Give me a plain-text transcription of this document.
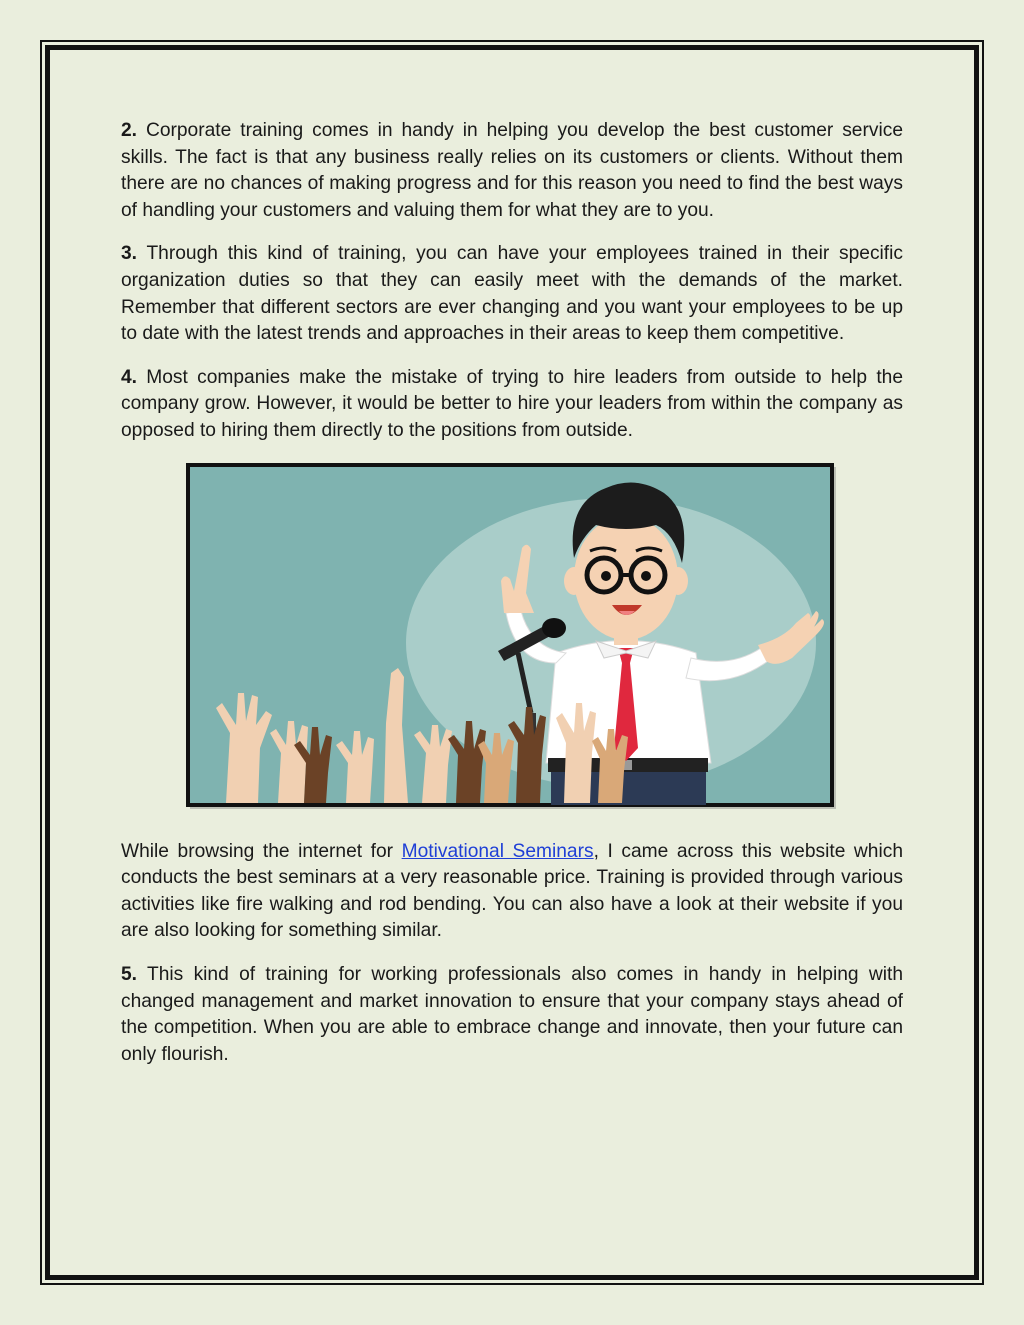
2. Corporate training comes in handy in helping you develop the best customer service skills. The fact is that any business really relies on its customers or clients. Without them there are no chances of making progress and for this reason you need to find the best ways of handling your customers and valuing them for what they are to you.

3. Through this kind of training, you can have your employees trained in their specific organization duties so that they can easily meet with the demands of the market. Remember that different sectors are ever changing and you want your employees to be up to date with the latest trends and approaches in their areas to keep them competitive.

4. Most companies make the mistake of trying to hire leaders from outside to help the company grow. However, it would be better to hire your leaders from within the company as opposed to hiring them directly to the positions from outside.

While browsing the internet for Motivational Seminars, I came across this website which conducts the best seminars at a very reasonable price. Training is provided through various activities like fire walking and rod bending. You can also have a look at their website if you are also looking for something similar.

5. This kind of training for working professionals also comes in handy in helping with changed management and market innovation to ensure that your company stays ahead of the competition. When you are able to embrace change and innovate, then your future can only flourish.
